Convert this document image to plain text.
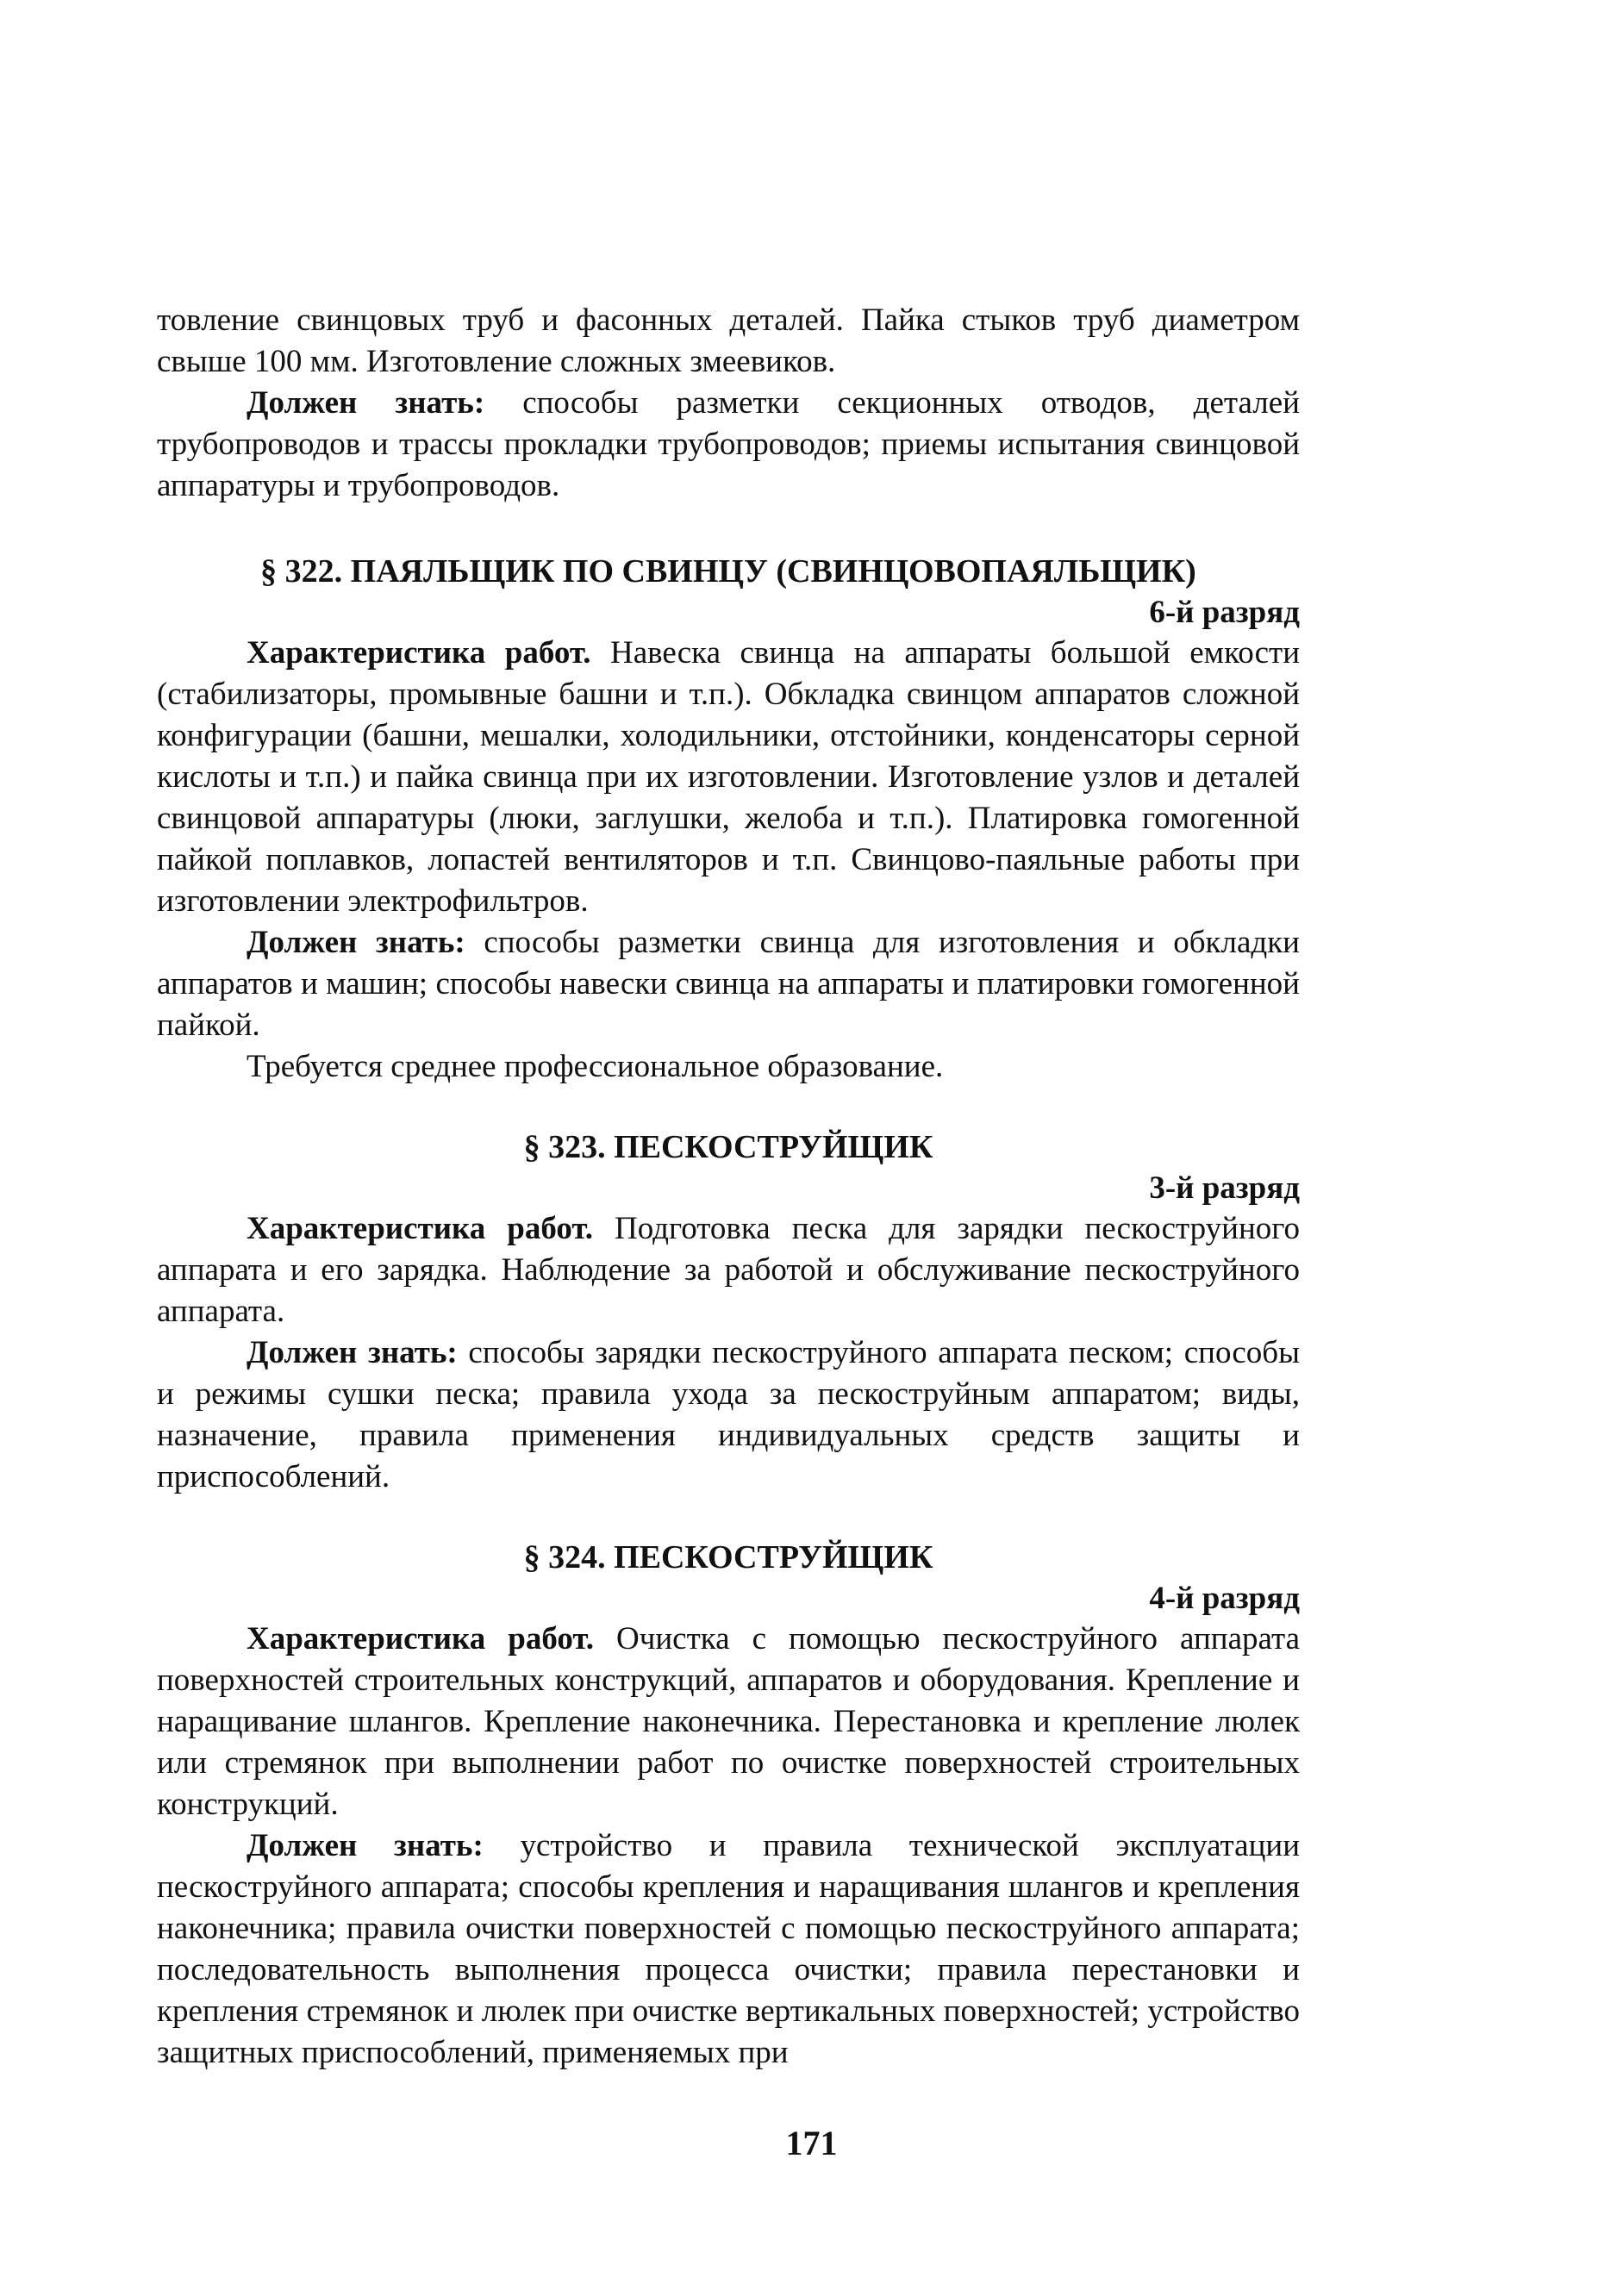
товление свинцовых труб и фасонных деталей. Пайка стыков труб диаметром свыше 100 мм. Изготовление сложных змеевиков.

Должен знать: способы разметки секционных отводов, деталей трубопроводов и трассы прокладки трубопроводов; приемы испытания свинцовой аппаратуры и трубопроводов.

§ 322. ПАЯЛЬЩИК ПО СВИНЦУ (СВИНЦОВОПАЯЛЬЩИК)
6-й разряд

Характеристика работ. Навеска свинца на аппараты большой емкости (стабилизаторы, промывные башни и т.п.). Обкладка свинцом аппаратов сложной конфигурации (башни, мешалки, холодильники, отстойники, конденсаторы серной кислоты и т.п.) и пайка свинца при их изготовлении. Изготовление узлов и деталей свинцовой аппаратуры (люки, заглушки, желоба и т.п.). Платировка гомогенной пайкой поплавков, лопастей вентиляторов и т.п. Свинцово-паяльные работы при изготовлении электрофильтров.

Должен знать: способы разметки свинца для изготовления и обкладки аппаратов и машин; способы навески свинца на аппараты и платировки гомогенной пайкой.

Требуется среднее профессиональное образование.

§ 323. ПЕСКОСТРУЙЩИК
3-й разряд

Характеристика работ. Подготовка песка для зарядки пескоструйного аппарата и его зарядка. Наблюдение за работой и обслуживание пескоструйного аппарата.

Должен знать: способы зарядки пескоструйного аппарата песком; способы и режимы сушки песка; правила ухода за пескоструйным аппаратом; виды, назначение, правила применения индивидуальных средств защиты и приспособлений.

§ 324. ПЕСКОСТРУЙЩИК
4-й разряд

Характеристика работ. Очистка с помощью пескоструйного аппарата поверхностей строительных конструкций, аппаратов и оборудования. Крепление и наращивание шлангов. Крепление наконечника. Перестановка и крепление люлек или стремянок при выполнении работ по очистке поверхностей строительных конструкций.

Должен знать: устройство и правила технической эксплуатации пескоструйного аппарата; способы крепления и наращивания шлангов и крепления наконечника; правила очистки поверхностей с помощью пескоструйного аппарата; последовательность выполнения процесса очистки; правила перестановки и крепления стремянок и люлек при очистке вертикальных поверхностей; устройство защитных приспособлений, применяемых при

171
